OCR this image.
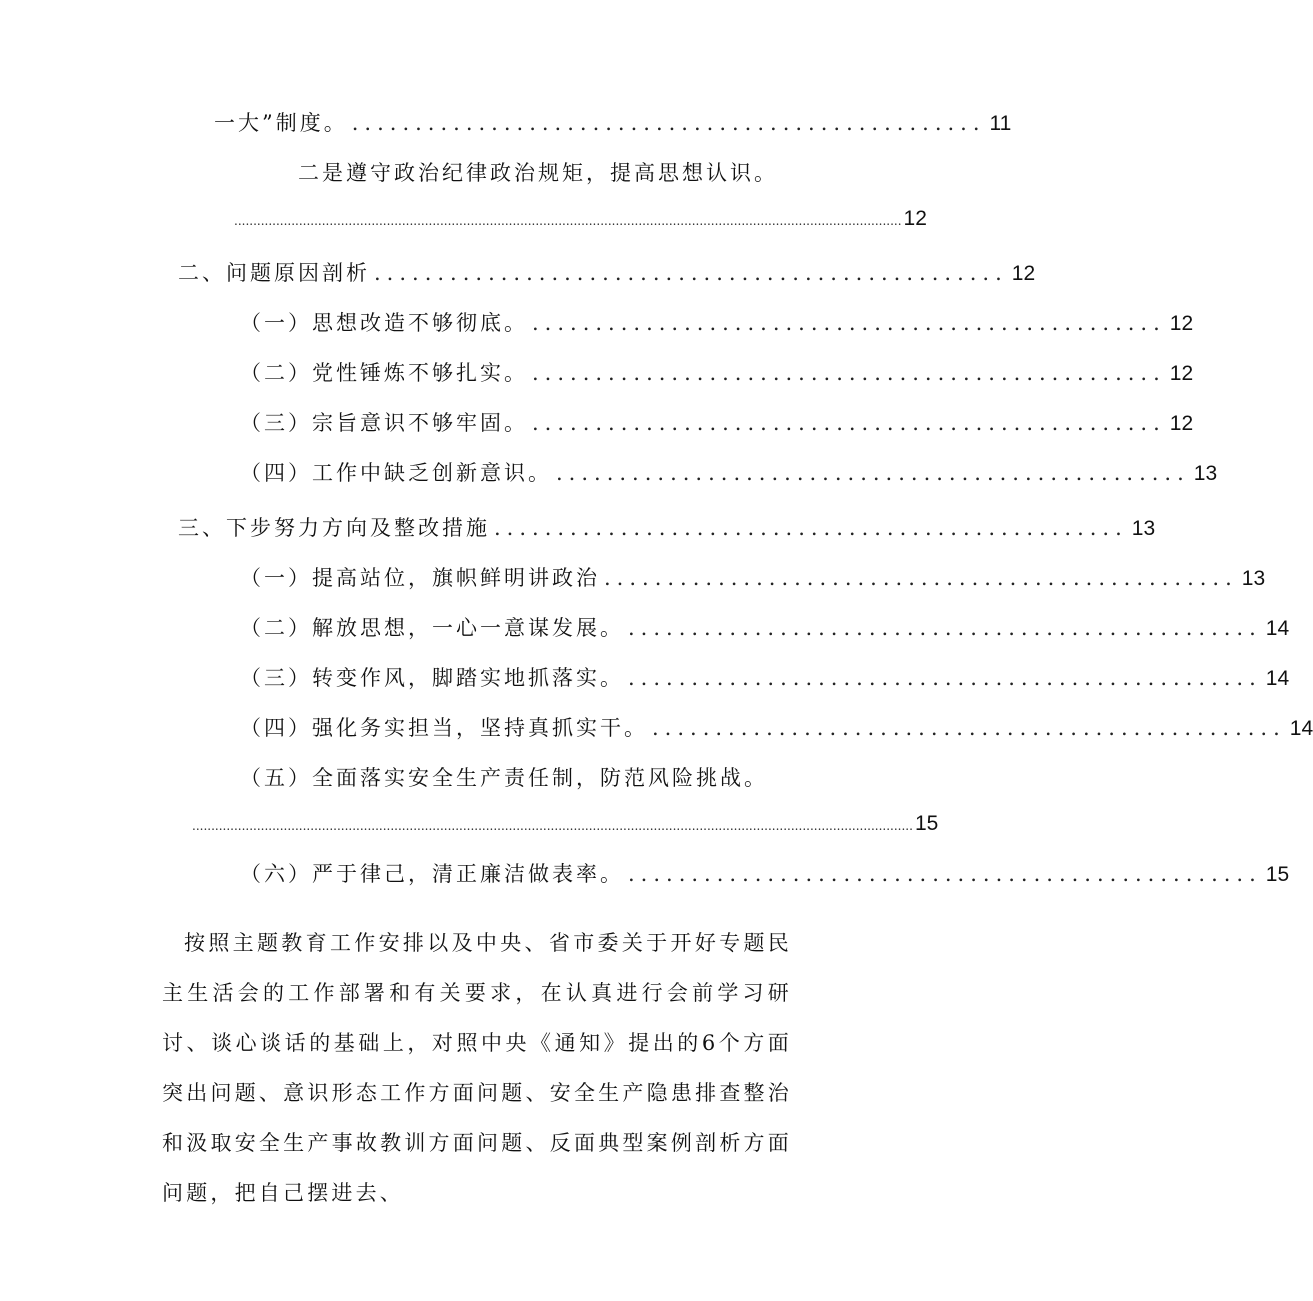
一大”制度。 .................................................. 11
二是遵守政治纪律政治规矩，提高思想认识。
............................................................................................................................................................................... 12
二、问题原因剖析 .................................................. 12
（一）思想改造不够彻底。 .................................................. 12
（二）党性锤炼不够扎实。 .................................................. 12
（三）宗旨意识不够牢固。 .................................................. 12
（四）工作中缺乏创新意识。 .................................................. 13
三、下步努力方向及整改措施 .................................................. 13
（一）提高站位，旗帜鲜明讲政治 .................................................. 13
（二）解放思想，一心一意谋发展。 .................................................. 14
（三）转变作风，脚踏实地抓落实。 .................................................. 14
（四）强化务实担当，坚持真抓实干。 .................................................. 14
（五）全面落实安全生产责任制，防范风险挑战。
............................................................................................................................................................................................. 15
（六）严于律己，清正廉洁做表率。 .................................................. 15
按照主题教育工作安排以及中央、省市委关于开好专题民主生活会的工作部署和有关要求，在认真进行会前学习研讨、谈心谈话的基础上，对照中央《通知》提出的6个方面突出问题、意识形态工作方面问题、安全生产隐患排查整治和汲取安全生产事故教训方面问题、反面典型案例剖析方面问题，把自己摆进去、
